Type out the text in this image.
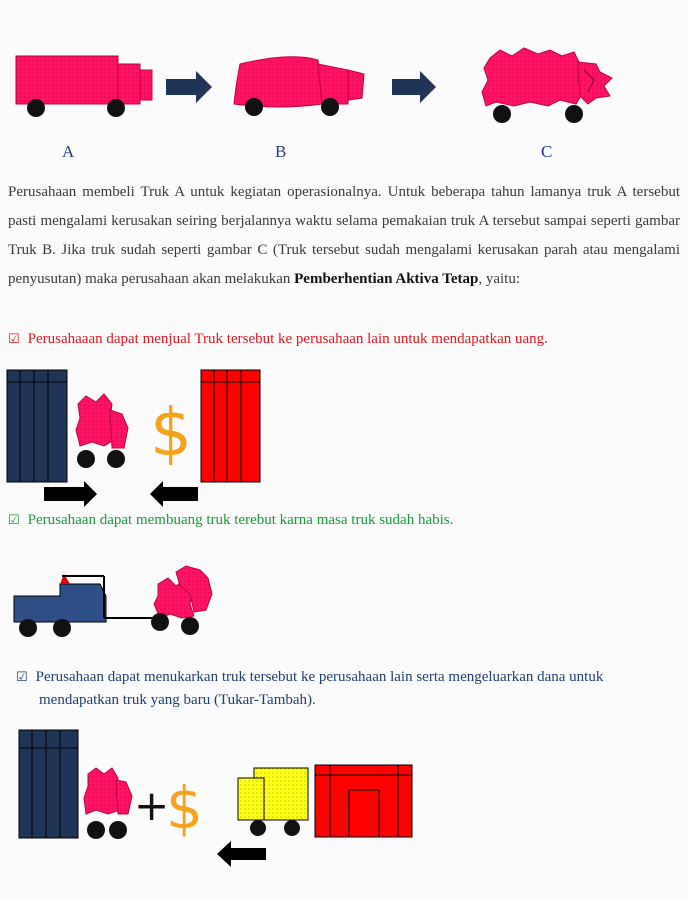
$
+
$
A	B	C

Perusahaan membeli Truk A untuk kegiatan operasionalnya. Untuk beberapa tahun lamanya truk A tersebut pasti mengalami kerusakan seiring berjalannya waktu selama pemakaian truk A tersebut sampai seperti gambar Truk B. Jika truk sudah seperti gambar C (Truk tersebut sudah mengalami kerusakan parah atau mengalami penyusutan) maka perusahaan akan melakukan Pemberhentian Aktiva Tetap, yaitu:

☑ Perusahaaan dapat menjual Truk tersebut ke perusahaan lain untuk mendapatkan uang.
☑ Perusahaan dapat membuang truk terebut karna masa truk sudah habis.
☑ Perusahaan dapat menukarkan truk tersebut ke perusahaan lain serta mengeluarkan dana untuk
mendapatkan truk yang baru (Tukar-Tambah).
